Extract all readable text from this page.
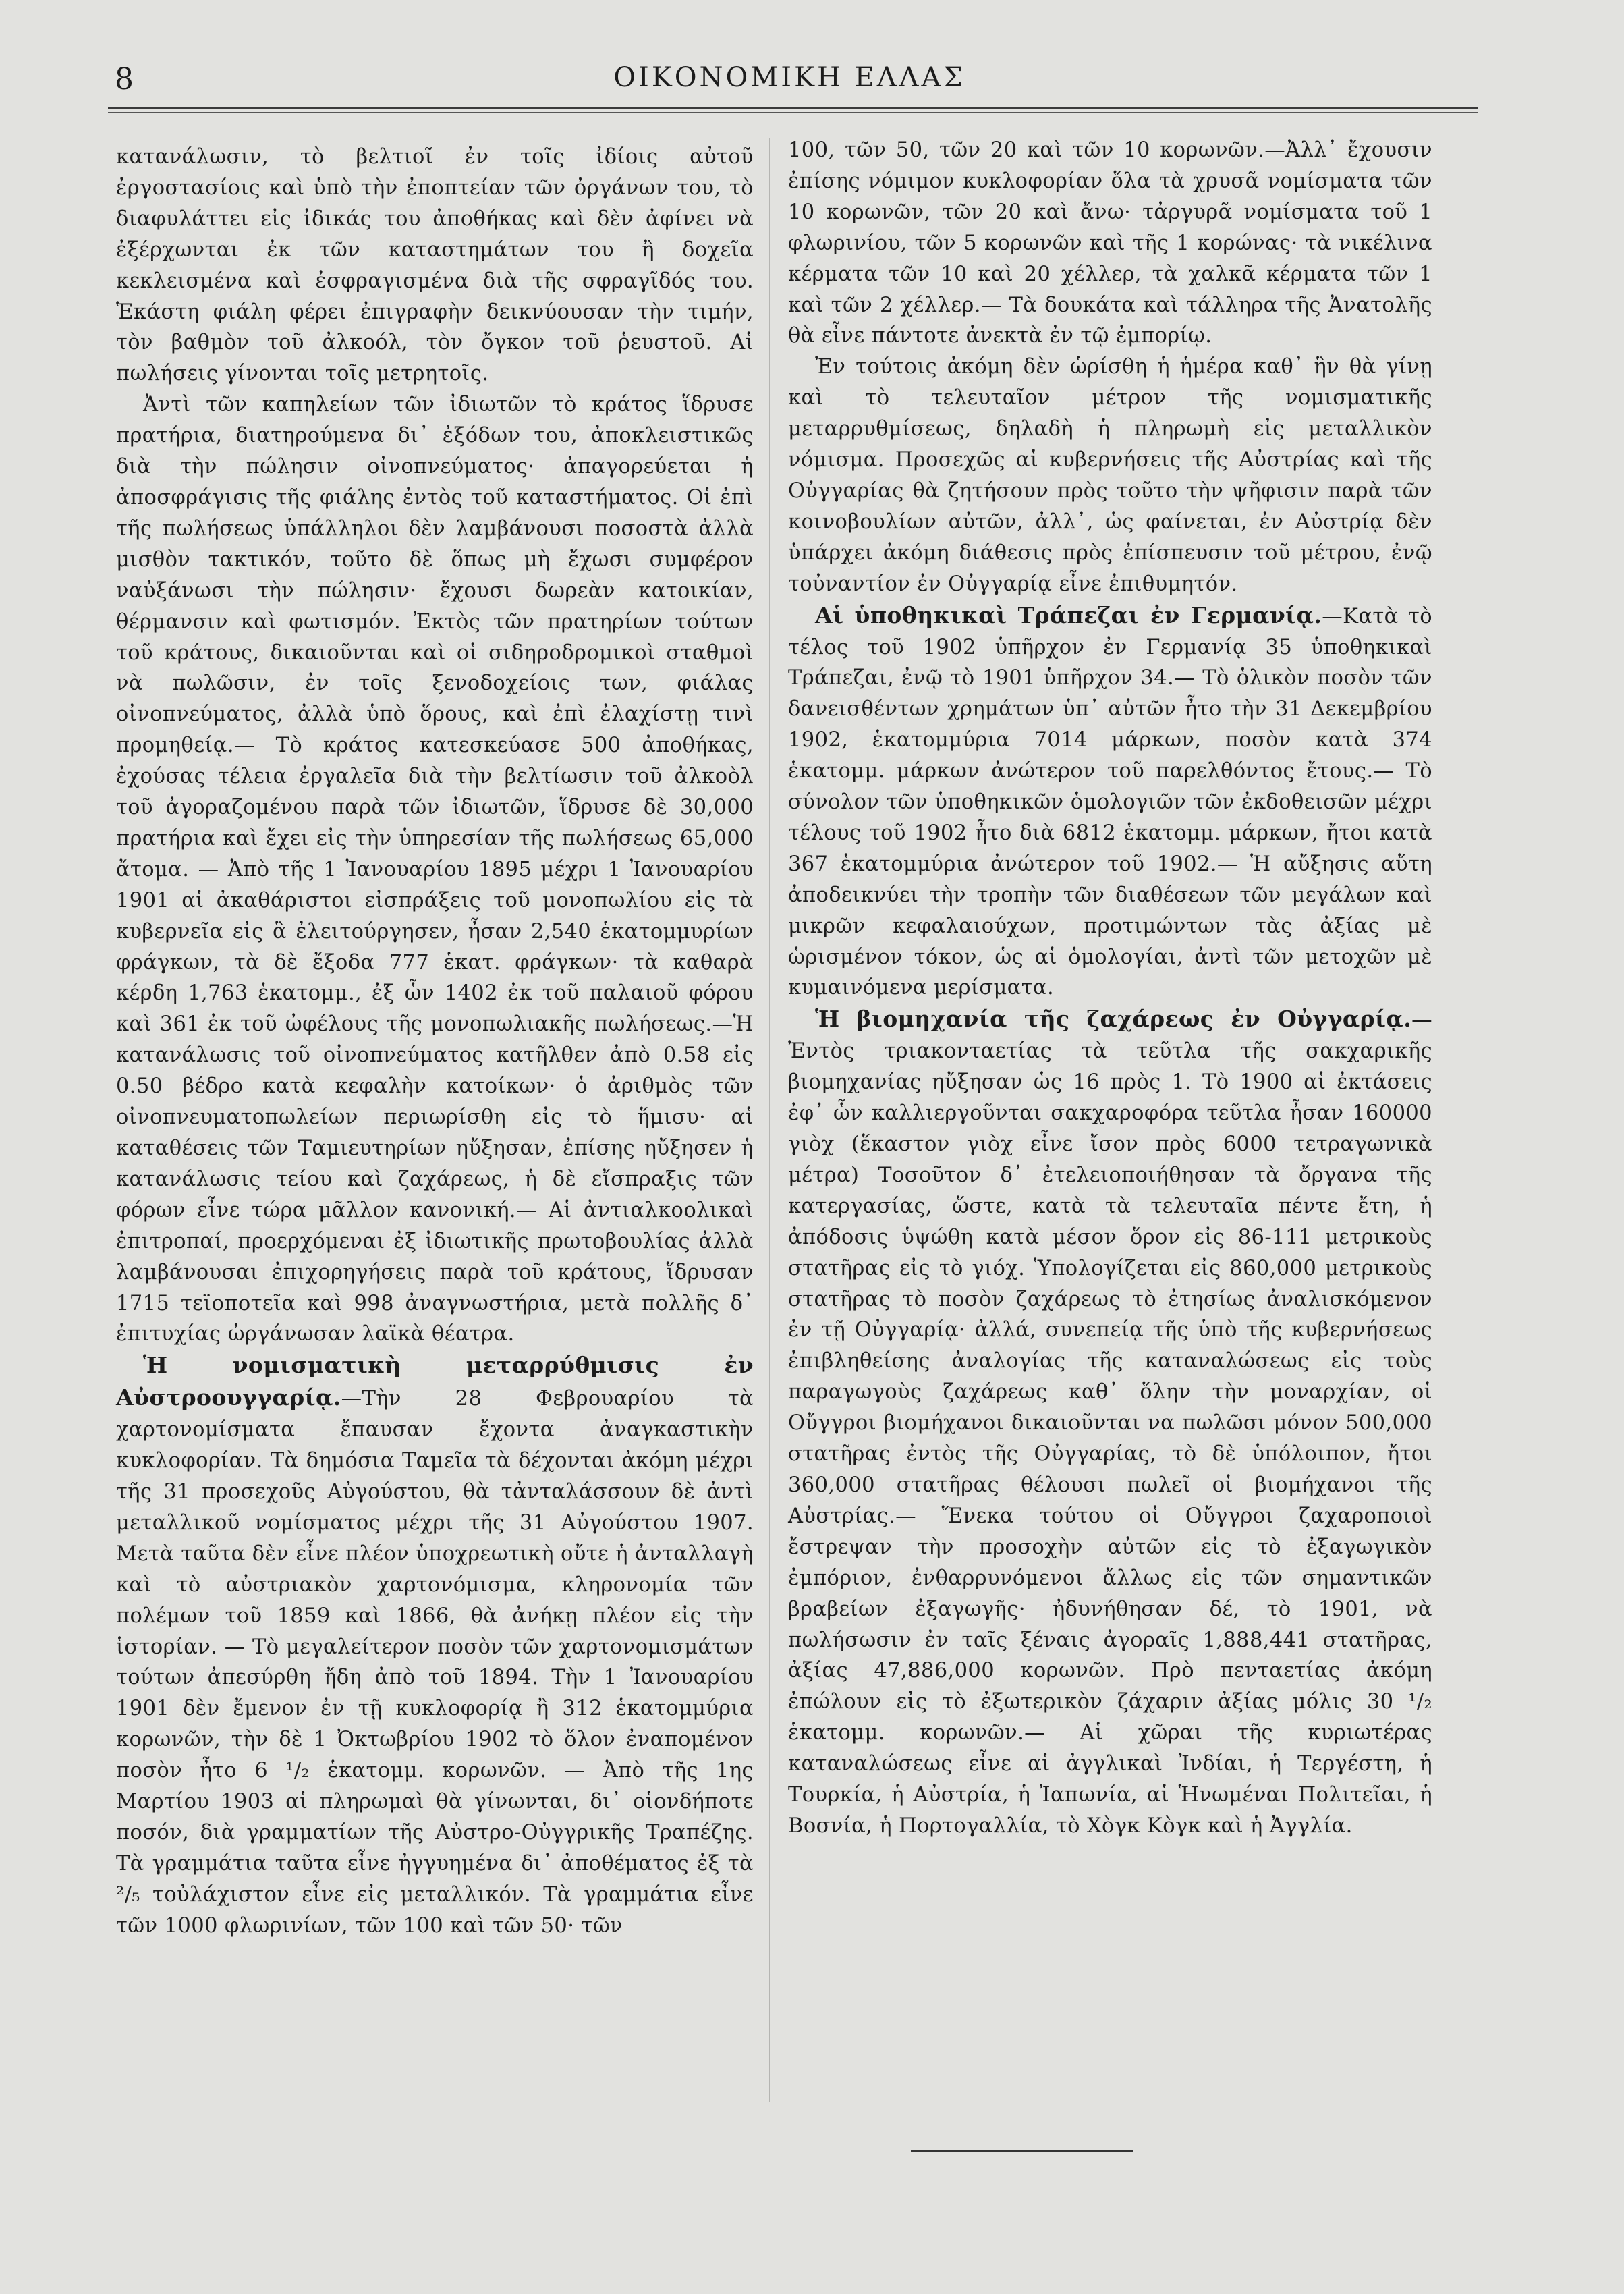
8	ΟΙΚΟΝΟΜΙΚΗ ΕΛΛΑΣ

κατανάλωσιν, τὸ βελτιοῖ ἐν τοῖς ἰδίοις αὐτοῦ ἐργοστασίοις καὶ ὑπὸ τὴν ἐποπτείαν τῶν ὀργάνων του, τὸ διαφυλάττει εἰς ἰδικάς του ἀποθήκας καὶ δὲν ἀφίνει νὰ ἐξέρχωνται ἐκ τῶν καταστημάτων του ἢ δοχεῖα κεκλεισμένα καὶ ἐσφραγισμένα διὰ τῆς σφραγῖδός του. Ἑκάστη φιάλη φέρει ἐπιγραφὴν δεικνύουσαν τὴν τιμήν, τὸν βαθμὸν τοῦ ἀλκοόλ, τὸν ὄγκον τοῦ ῥευστοῦ. Αἱ πωλήσεις γίνονται τοῖς μετρητοῖς.

Ἀντὶ τῶν καπηλείων τῶν ἰδιωτῶν τὸ κράτος ἵδρυσε πρατήρια, διατηρούμενα δι᾽ ἐξόδων του, ἀποκλειστικῶς διὰ τὴν πώλησιν οἰνοπνεύματος· ἀπαγορεύεται ἡ ἀποσφράγισις τῆς φιάλης ἐντὸς τοῦ καταστήματος. Οἱ ἐπὶ τῆς πωλήσεως ὑπάλληλοι δὲν λαμβάνουσι ποσοστὰ ἀλλὰ μισθὸν τακτικόν, τοῦτο δὲ ὅπως μὴ ἔχωσι συμφέρον ναὐξάνωσι τὴν πώλησιν· ἔχουσι δωρεὰν κατοικίαν, θέρμανσιν καὶ φωτισμόν. Ἐκτὸς τῶν πρατηρίων τούτων τοῦ κράτους, δικαιοῦνται καὶ οἱ σιδηροδρομικοὶ σταθμοὶ νὰ πωλῶσιν, ἐν τοῖς ξενοδοχείοις των, φιάλας οἰνοπνεύματος, ἀλλὰ ὑπὸ ὅρους, καὶ ἐπὶ ἐλαχίστῃ τινὶ προμηθείᾳ.— Τὸ κράτος κατεσκεύασε 500 ἀποθήκας, ἐχούσας τέλεια ἐργαλεῖα διὰ τὴν βελτίωσιν τοῦ ἀλκοὸλ τοῦ ἀγοραζομένου παρὰ τῶν ἰδιωτῶν, ἵδρυσε δὲ 30,000 πρατήρια καὶ ἔχει εἰς τὴν ὑπηρεσίαν τῆς πωλήσεως 65,000 ἄτομα. — Ἀπὸ τῆς 1 Ἰανουαρίου 1895 μέχρι 1 Ἰανουαρίου 1901 αἱ ἀκαθάριστοι εἰσπράξεις τοῦ μονοπωλίου εἰς τὰ κυβερνεῖα εἰς ἃ ἐλειτούργησεν, ἦσαν 2,540 ἑκατομμυρίων φράγκων, τὰ δὲ ἔξοδα 777 ἑκατ. φράγκων· τὰ καθαρὰ κέρδη 1,763 ἑκατομμ., ἐξ ὧν 1402 ἐκ τοῦ παλαιοῦ φόρου καὶ 361 ἐκ τοῦ ὠφέλους τῆς μονοπωλιακῆς πωλήσεως.—Ἡ κατανάλωσις τοῦ οἰνοπνεύματος κατῆλθεν ἀπὸ 0.58 εἰς 0.50 βέδρο κατὰ κεφαλὴν κατοίκων· ὁ ἀριθμὸς τῶν οἰνοπνευματοπωλείων περιωρίσθη εἰς τὸ ἥμισυ· αἱ καταθέσεις τῶν Ταμιευτηρίων ηὔξησαν, ἐπίσης ηὔξησεν ἡ κατανάλωσις τείου καὶ ζαχάρεως, ἡ δὲ εἴσπραξις τῶν φόρων εἶνε τώρα μᾶλλον κανονική.— Αἱ ἀντιαλκοολικαὶ ἐπιτροπαί, προερχόμεναι ἐξ ἰδιωτικῆς πρωτοβουλίας ἀλλὰ λαμβάνουσαι ἐπιχορηγήσεις παρὰ τοῦ κράτους, ἵδρυσαν 1715 τεϊοποτεῖα καὶ 998 ἀναγνωστήρια, μετὰ πολλῆς δ᾽ ἐπιτυχίας ὠργάνωσαν λαϊκὰ θέατρα.

Ἡ νομισματικὴ μεταρρύθμισις ἐν Αὐστροουγγαρίᾳ.—Τὴν 28 Φεβρουαρίου τὰ χαρτονομίσματα ἔπαυσαν ἔχοντα ἀναγκαστικὴν κυκλοφορίαν. Τὰ δημόσια Ταμεῖα τὰ δέχονται ἀκόμη μέχρι τῆς 31 προσεχοῦς Αὐγούστου, θὰ τἀνταλάσσουν δὲ ἀντὶ μεταλλικοῦ νομίσματος μέχρι τῆς 31 Αὐγούστου 1907. Μετὰ ταῦτα δὲν εἶνε πλέον ὑποχρεωτικὴ οὔτε ἡ ἀνταλλαγὴ καὶ τὸ αὐστριακὸν χαρτονόμισμα, κληρονομία τῶν πολέμων τοῦ 1859 καὶ 1866, θὰ ἀνήκῃ πλέον εἰς τὴν ἱστορίαν. — Τὸ μεγαλείτερον ποσὸν τῶν χαρτονομισμάτων τούτων ἀπεσύρθη ἤδη ἀπὸ τοῦ 1894. Τὴν 1 Ἰανουαρίου 1901 δὲν ἔμενον ἐν τῇ κυκλοφορίᾳ ἢ 312 ἑκατομμύρια κορωνῶν, τὴν δὲ 1 Ὀκτωβρίου 1902 τὸ ὅλον ἐναπομένον ποσὸν ἦτο 6 ¹/₂ ἑκατομμ. κορωνῶν. — Ἀπὸ τῆς 1ης Μαρτίου 1903 αἱ πληρωμαὶ θὰ γίνωνται, δι᾽ οἱονδήποτε ποσόν, διὰ γραμματίων τῆς Αὐστρο-Οὐγγρικῆς Τραπέζης. Τὰ γραμμάτια ταῦτα εἶνε ἠγγυημένα δι᾽ ἀποθέματος ἐξ τὰ ²/₅ τοὐλάχιστον εἶνε εἰς μεταλλικόν. Τὰ γραμμάτια εἶνε τῶν 1000 φλωρινίων, τῶν 100 καὶ τῶν 50· τῶν

100, τῶν 50, τῶν 20 καὶ τῶν 10 κορωνῶν.—Ἀλλ᾽ ἔχουσιν ἐπίσης νόμιμον κυκλοφορίαν ὅλα τὰ χρυσᾶ νομίσματα τῶν 10 κορωνῶν, τῶν 20 καὶ ἄνω· τἀργυρᾶ νομίσματα τοῦ 1 φλωρινίου, τῶν 5 κορωνῶν καὶ τῆς 1 κορώνας· τὰ νικέλινα κέρματα τῶν 10 καὶ 20 χέλλερ, τὰ χαλκᾶ κέρματα τῶν 1 καὶ τῶν 2 χέλλερ.— Τὰ δουκάτα καὶ τάλληρα τῆς Ἀνατολῆς θὰ εἶνε πάντοτε ἀνεκτὰ ἐν τῷ ἐμπορίῳ.

Ἐν τούτοις ἀκόμη δὲν ὡρίσθη ἡ ἡμέρα καθ᾽ ἣν θὰ γίνῃ καὶ τὸ τελευταῖον μέτρον τῆς νομισματικῆς μεταρρυθμίσεως, δηλαδὴ ἡ πληρωμὴ εἰς μεταλλικὸν νόμισμα. Προσεχῶς αἱ κυβερνήσεις τῆς Αὐστρίας καὶ τῆς Οὐγγαρίας θὰ ζητήσουν πρὸς τοῦτο τὴν ψῆφισιν παρὰ τῶν κοινοβουλίων αὐτῶν, ἀλλ᾽, ὡς φαίνεται, ἐν Αὐστρίᾳ δὲν ὑπάρχει ἀκόμη διάθεσις πρὸς ἐπίσπευσιν τοῦ μέτρου, ἐνῷ τοὐναντίον ἐν Οὐγγαρίᾳ εἶνε ἐπιθυμητόν.

Αἱ ὑποθηκικαὶ Τράπεζαι ἐν Γερμανίᾳ.—Κατὰ τὸ τέλος τοῦ 1902 ὑπῆρχον ἐν Γερμανίᾳ 35 ὑποθηκικαὶ Τράπεζαι, ἐνῷ τὸ 1901 ὑπῆρχον 34.— Τὸ ὁλικὸν ποσὸν τῶν δανεισθέντων χρημάτων ὑπ᾽ αὐτῶν ἦτο τὴν 31 Δεκεμβρίου 1902, ἑκατομμύρια 7014 μάρκων, ποσὸν κατὰ 374 ἑκατομμ. μάρκων ἀνώτερον τοῦ παρελθόντος ἔτους.— Τὸ σύνολον τῶν ὑποθηκικῶν ὁμολογιῶν τῶν ἐκδοθεισῶν μέχρι τέλους τοῦ 1902 ἦτο διὰ 6812 ἑκατομμ. μάρκων, ἤτοι κατὰ 367 ἑκατομμύρια ἀνώτερον τοῦ 1902.— Ἡ αὔξησις αὕτη ἀποδεικνύει τὴν τροπὴν τῶν διαθέσεων τῶν μεγάλων καὶ μικρῶν κεφαλαιούχων, προτιμώντων τὰς ἀξίας μὲ ὡρισμένον τόκον, ὡς αἱ ὁμολογίαι, ἀντὶ τῶν μετοχῶν μὲ κυμαινόμενα μερίσματα.

Ἡ βιομηχανία τῆς ζαχάρεως ἐν Οὐγγαρίᾳ.— Ἐντὸς τριακονταετίας τὰ τεῦτλα τῆς σακχαρικῆς βιομηχανίας ηὔξησαν ὡς 16 πρὸς 1. Τὸ 1900 αἱ ἐκτάσεις ἐφ᾽ ὧν καλλιεργοῦνται σακχαροφόρα τεῦτλα ἦσαν 160000 γιὸχ (ἕκαστον γιὸχ εἶνε ἴσον πρὸς 6000 τετραγωνικὰ μέτρα) Τοσοῦτον δ᾽ ἐτελειοποιήθησαν τὰ ὄργανα τῆς κατεργασίας, ὥστε, κατὰ τὰ τελευταῖα πέντε ἔτη, ἡ ἀπόδοσις ὑψώθη κατὰ μέσον ὅρον εἰς 86-111 μετρικοὺς στατῆρας εἰς τὸ γιόχ. Ὑπολογίζεται εἰς 860,000 μετρικοὺς στατῆρας τὸ ποσὸν ζαχάρεως τὸ ἐτησίως ἀναλισκόμενον ἐν τῇ Οὐγγαρίᾳ· ἀλλά, συνεπείᾳ τῆς ὑπὸ τῆς κυβερνήσεως ἐπιβληθείσης ἀναλογίας τῆς καταναλώσεως εἰς τοὺς παραγωγοὺς ζαχάρεως καθ᾽ ὅλην τὴν μοναρχίαν, οἱ Οὔγγροι βιομήχανοι δικαιοῦνται να πωλῶσι μόνον 500,000 στατῆρας ἐντὸς τῆς Οὐγγαρίας, τὸ δὲ ὑπόλοιπον, ἤτοι 360,000 στατῆρας θέλουσι πωλεῖ οἱ βιομήχανοι τῆς Αὐστρίας.— Ἕνεκα τούτου οἱ Οὔγγροι ζαχαροποιοὶ ἔστρεψαν τὴν προσοχὴν αὐτῶν εἰς τὸ ἐξαγωγικὸν ἐμπόριον, ἐνθαρρυνόμενοι ἄλλως εἰς τῶν σημαντικῶν βραβείων ἐξαγωγῆς· ἠδυνήθησαν δέ, τὸ 1901, νὰ πωλήσωσιν ἐν ταῖς ξέναις ἀγοραῖς 1,888,441 στατῆρας, ἀξίας 47,886,000 κορωνῶν. Πρὸ πενταετίας ἀκόμη ἐπώλουν εἰς τὸ ἐξωτερικὸν ζάχαριν ἀξίας μόλις 30 ¹/₂ ἑκατομμ. κορωνῶν.— Αἱ χῶραι τῆς κυριωτέρας καταναλώσεως εἶνε αἱ ἀγγλικαὶ Ἰνδίαι, ἡ Τεργέστη, ἡ Τουρκία, ἡ Αὐστρία, ἡ Ἰαπωνία, αἱ Ἡνωμέναι Πολιτεῖαι, ἡ Βοσνία, ἡ Πορτογαλλία, τὸ Χὸγκ Κὸγκ καὶ ἡ Ἀγγλία.
